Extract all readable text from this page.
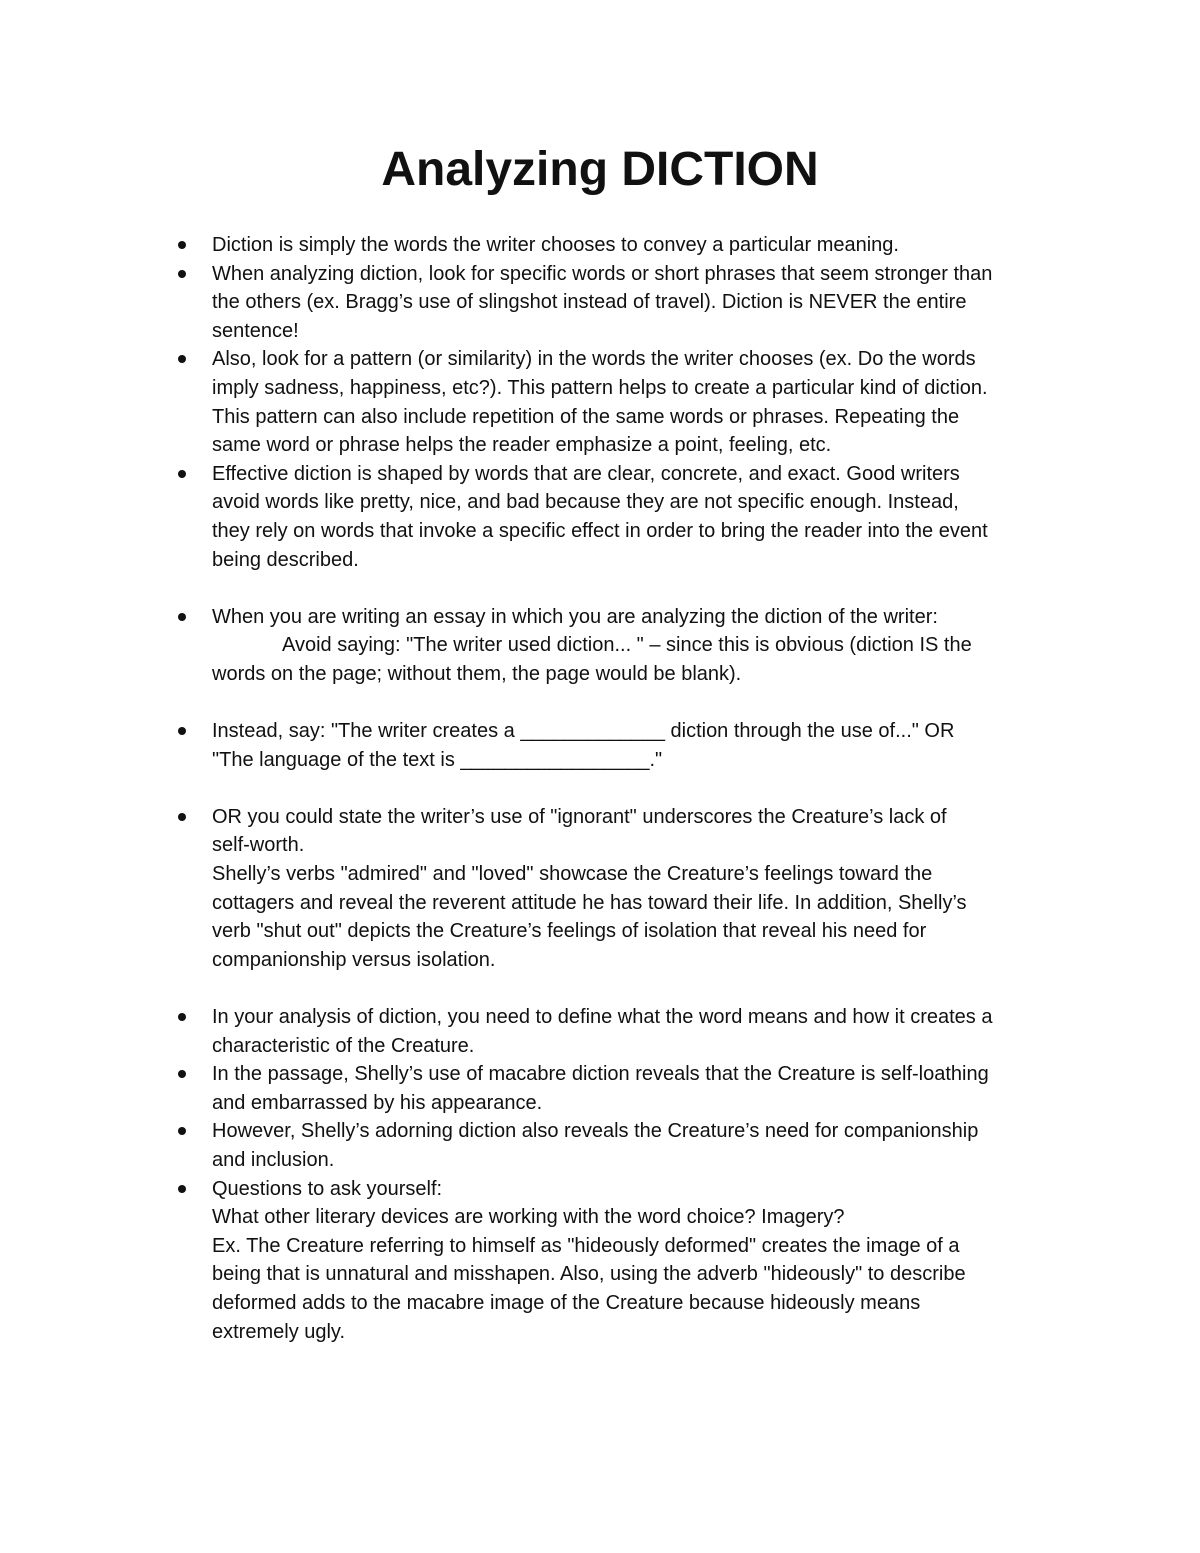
Analyzing DICTION
Diction is simply the words the writer chooses to convey a particular meaning.
When analyzing diction, look for specific words or short phrases that seem stronger than
the others (ex. Bragg’s use of slingshot instead of travel). Diction is NEVER the entire
sentence!
Also, look for a pattern (or similarity) in the words the writer chooses (ex. Do the words
imply sadness, happiness, etc?). This pattern helps to create a particular kind of diction.
This pattern can also include repetition of the same words or phrases. Repeating the
same word or phrase helps the reader emphasize a point, feeling, etc.
Effective diction is shaped by words that are clear, concrete, and exact. Good writers
avoid words like pretty, nice, and bad because they are not specific enough. Instead,
they rely on words that invoke a specific effect in order to bring the reader into the event
being described.
When you are writing an essay in which you are analyzing the diction of the writer:
Avoid saying: "The writer used diction... " – since this is obvious (diction IS the
words on the page; without them, the page would be blank).
Instead, say: "The writer creates a _____________ diction through the use of..." OR
"The language of the text is _________________."
OR you could state the writer’s use of "ignorant" underscores the Creature’s lack of
self-worth.
Shelly’s verbs "admired" and "loved" showcase the Creature’s feelings toward the
cottagers and reveal the reverent attitude he has toward their life. In addition, Shelly’s
verb "shut out" depicts the Creature’s feelings of isolation that reveal his need for
companionship versus isolation.
In your analysis of diction, you need to define what the word means and how it creates a
characteristic of the Creature.
In the passage, Shelly’s use of macabre diction reveals that the Creature is self-loathing
and embarrassed by his appearance.
However, Shelly’s adorning diction also reveals the Creature’s need for companionship
and inclusion.
Questions to ask yourself:
What other literary devices are working with the word choice? Imagery?
Ex. The Creature referring to himself as "hideously deformed" creates the image of a
being that is unnatural and misshapen. Also, using the adverb "hideously" to describe
deformed adds to the macabre image of the Creature because hideously means
extremely ugly.
